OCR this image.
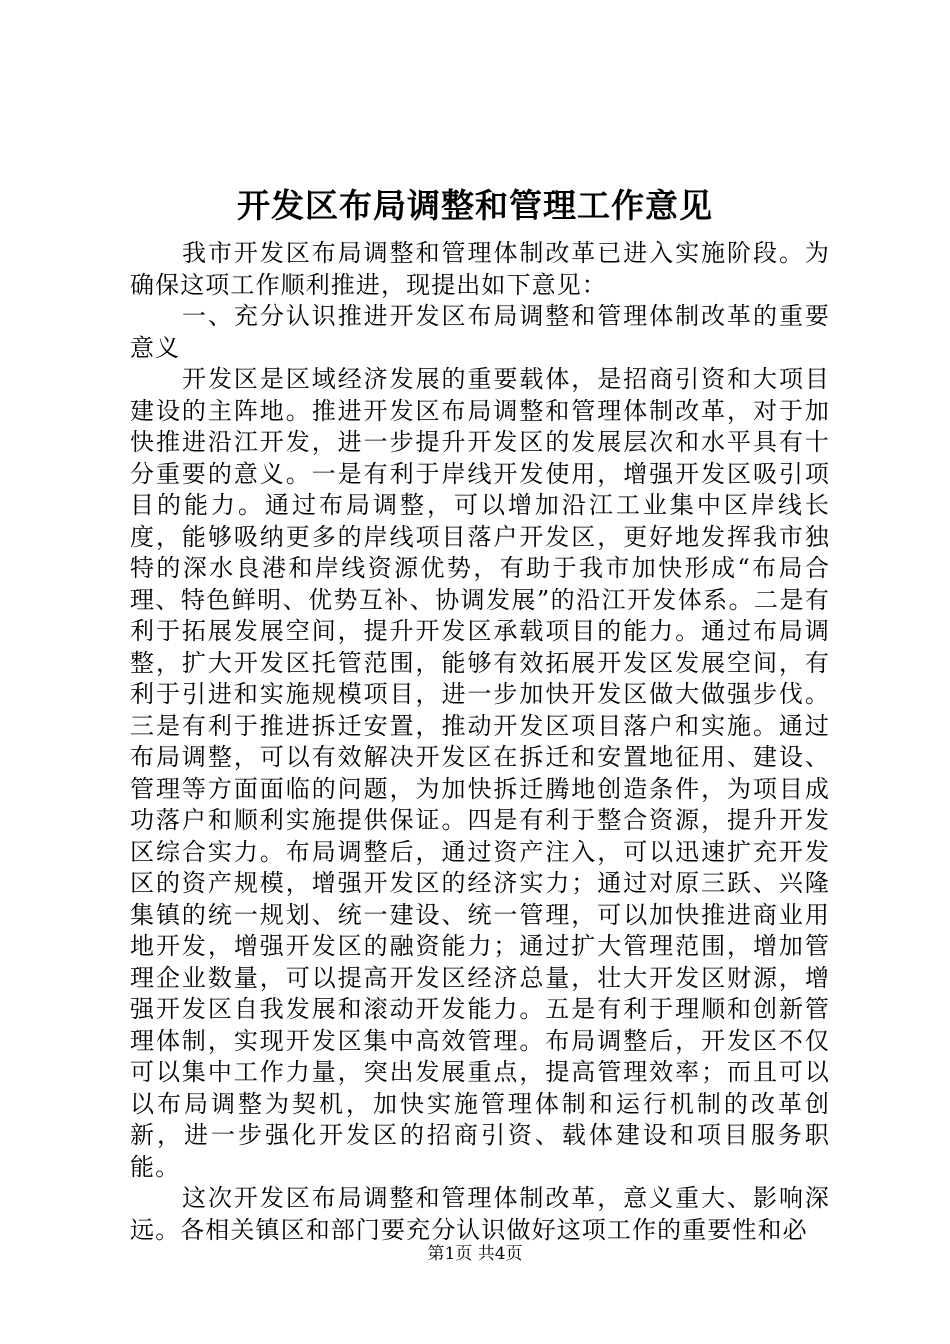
开发区布局调整和管理工作意见

我市开发区布局调整和管理体制改革已进入实施阶段。为确保这项工作顺利推进，现提出如下意见：

一、充分认识推进开发区布局调整和管理体制改革的重要意义

开发区是区域经济发展的重要载体，是招商引资和大项目建设的主阵地。推进开发区布局调整和管理体制改革，对于加快推进沿江开发，进一步提升开发区的发展层次和水平具有十分重要的意义。一是有利于岸线开发使用，增强开发区吸引项目的能力。通过布局调整，可以增加沿江工业集中区岸线长度，能够吸纳更多的岸线项目落户开发区，更好地发挥我市独特的深水良港和岸线资源优势，有助于我市加快形成“布局合理、特色鲜明、优势互补、协调发展”的沿江开发体系。二是有利于拓展发展空间，提升开发区承载项目的能力。通过布局调整，扩大开发区托管范围，能够有效拓展开发区发展空间，有利于引进和实施规模项目，进一步加快开发区做大做强步伐。三是有利于推进拆迁安置，推动开发区项目落户和实施。通过布局调整，可以有效解决开发区在拆迁和安置地征用、建设、管理等方面面临的问题，为加快拆迁腾地创造条件，为项目成功落户和顺利实施提供保证。四是有利于整合资源，提升开发区综合实力。布局调整后，通过资产注入，可以迅速扩充开发区的资产规模，增强开发区的经济实力；通过对原三跃、兴隆集镇的统一规划、统一建设、统一管理，可以加快推进商业用地开发，增强开发区的融资能力；通过扩大管理范围，增加管理企业数量，可以提高开发区经济总量，壮大开发区财源，增强开发区自我发展和滚动开发能力。五是有利于理顺和创新管理体制，实现开发区集中高效管理。布局调整后，开发区不仅可以集中工作力量，突出发展重点，提高管理效率；而且可以以布局调整为契机，加快实施管理体制和运行机制的改革创新，进一步强化开发区的招商引资、载体建设和项目服务职能。

这次开发区布局调整和管理体制改革，意义重大、影响深远。各相关镇区和部门要充分认识做好这项工作的重要性和必

第1页 共4页
